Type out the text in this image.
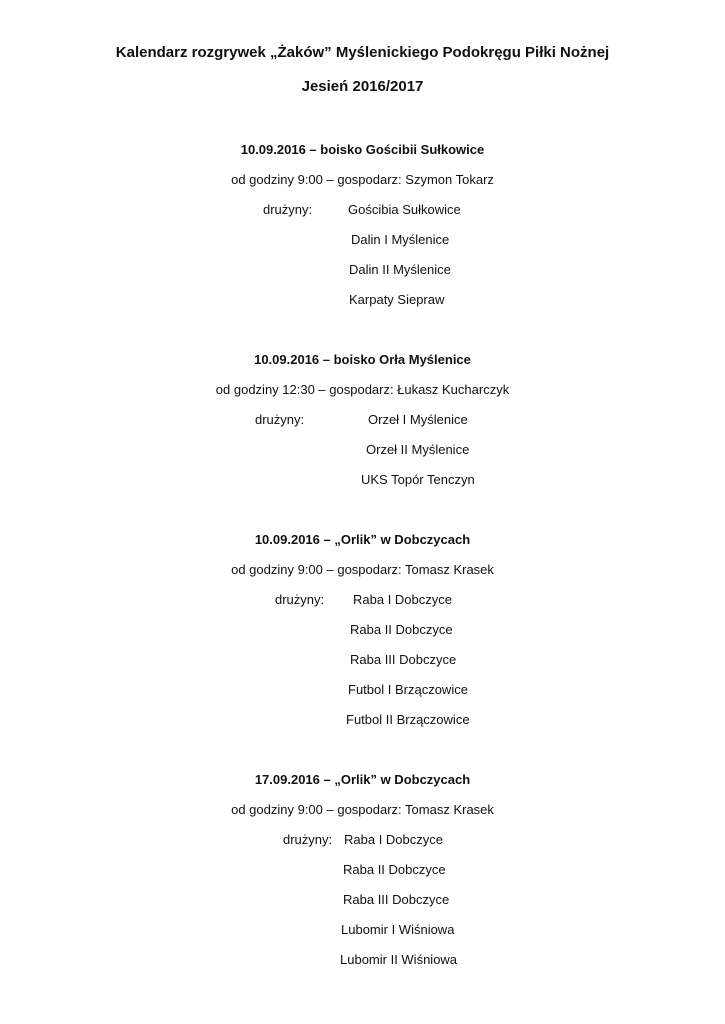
Kalendarz rozgrywek „Żaków” Myślenickiego Podokręgu Piłki Nożnej
Jesień 2016/2017
10.09.2016 – boisko Gościbii Sułkowice
od godziny 9:00 – gospodarz: Szymon Tokarz
drużyny:	Gościbia Sułkowice
Dalin I Myślenice
Dalin II Myślenice
Karpaty Siepraw
10.09.2016 – boisko Orła Myślenice
od godziny 12:30 – gospodarz: Łukasz Kucharczyk
drużyny:	Orzeł I Myślenice
Orzeł II Myślenice
UKS Topór Tenczyn
10.09.2016 – „Orlik” w Dobczycach
od godziny 9:00 – gospodarz: Tomasz Krasek
drużyny: Raba I Dobczyce
Raba II Dobczyce
Raba III Dobczyce
Futbol I Brzączowice
Futbol II Brzączowice
17.09.2016 – „Orlik” w Dobczycach
od godziny 9:00 – gospodarz: Tomasz Krasek
drużyny: Raba I Dobczyce
Raba II Dobczyce
Raba III Dobczyce
Lubomir I Wiśniowa
Lubomir II Wiśniowa
